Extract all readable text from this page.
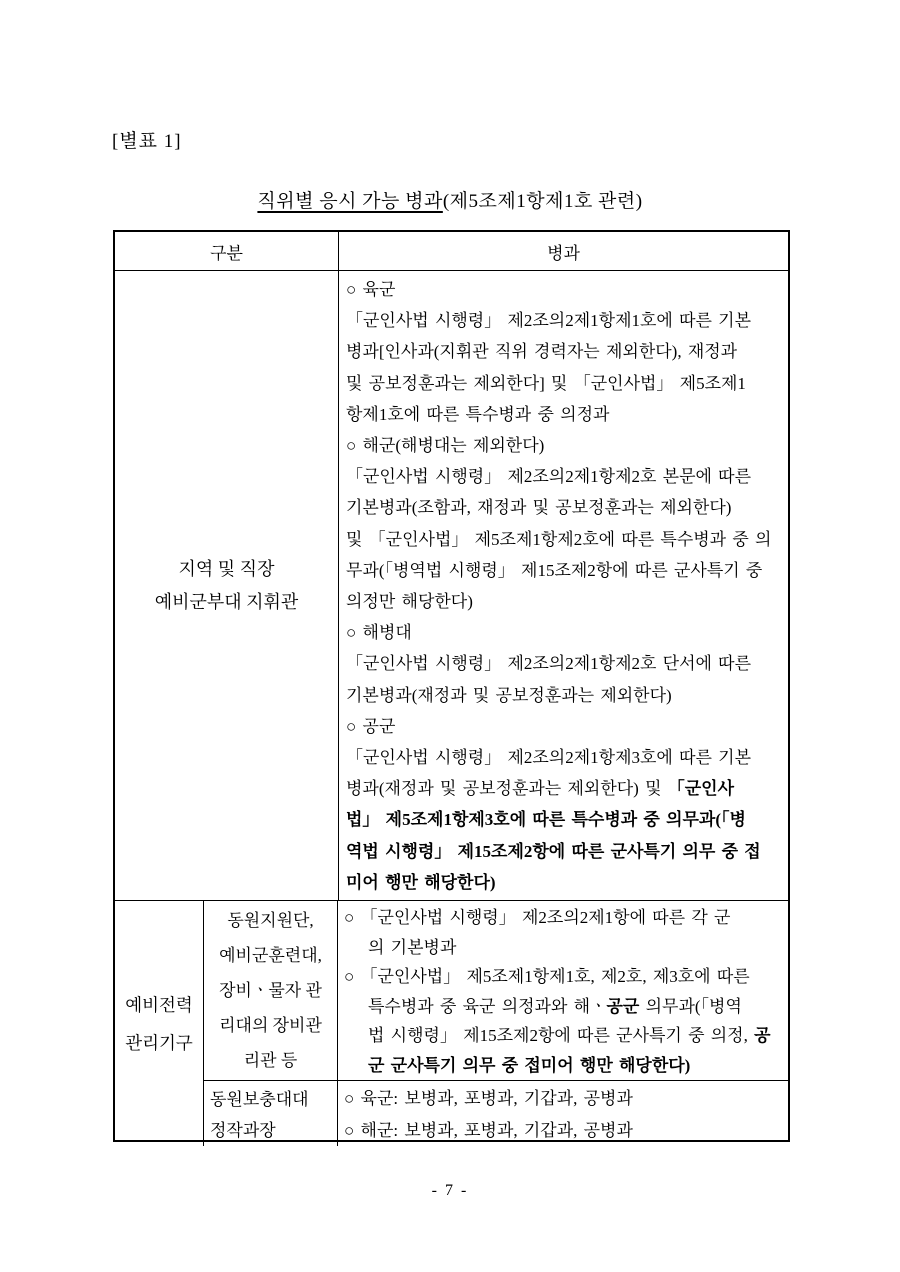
[별표 1]
직위별 응시 가능 병과(제5조제1항제1호 관련)
구분	병과
지역 및 직장
예비군부대 지휘관
○ 육군
「군인사법 시행령」 제2조의2제1항제1호에 따른 기본
병과[인사과(지휘관 직위 경력자는 제외한다), 재정과
및 공보정훈과는 제외한다] 및 「군인사법」 제5조제1
항제1호에 따른 특수병과 중 의정과
○ 해군(해병대는 제외한다)
「군인사법 시행령」 제2조의2제1항제2호 본문에 따른
기본병과(조함과, 재정과 및 공보정훈과는 제외한다)
및 「군인사법」 제5조제1항제2호에 따른 특수병과 중 의
무과(「병역법 시행령」 제15조제2항에 따른 군사특기 중
의정만 해당한다)
○ 해병대
「군인사법 시행령」 제2조의2제1항제2호 단서에 따른
기본병과(재정과 및 공보정훈과는 제외한다)
○ 공군
「군인사법 시행령」 제2조의2제1항제3호에 따른 기본
병과(재정과 및 공보정훈과는 제외한다) 및 「군인사
법」 제5조제1항제3호에 따른 특수병과 중 의무과(「병
역법 시행령」 제15조제2항에 따른 군사특기 의무 중 접
미어 행만 해당한다)
예비전력
관리기구
동원지원단,
예비군훈련대,
장비ㆍ물자 관
리대의 장비관
리관 등
○ 「군인사법 시행령」 제2조의2제1항에 따른 각 군
의 기본병과
○ 「군인사법」 제5조제1항제1호, 제2호, 제3호에 따른
특수병과 중 육군 의정과와 해ㆍ공군 의무과(「병역
법 시행령」 제15조제2항에 따른 군사특기 중 의정, 공
군 군사특기 의무 중 접미어 행만 해당한다)
동원보충대대
정작과장
○ 육군: 보병과, 포병과, 기갑과, 공병과
○ 해군: 보병과, 포병과, 기갑과, 공병과
- 7 -
